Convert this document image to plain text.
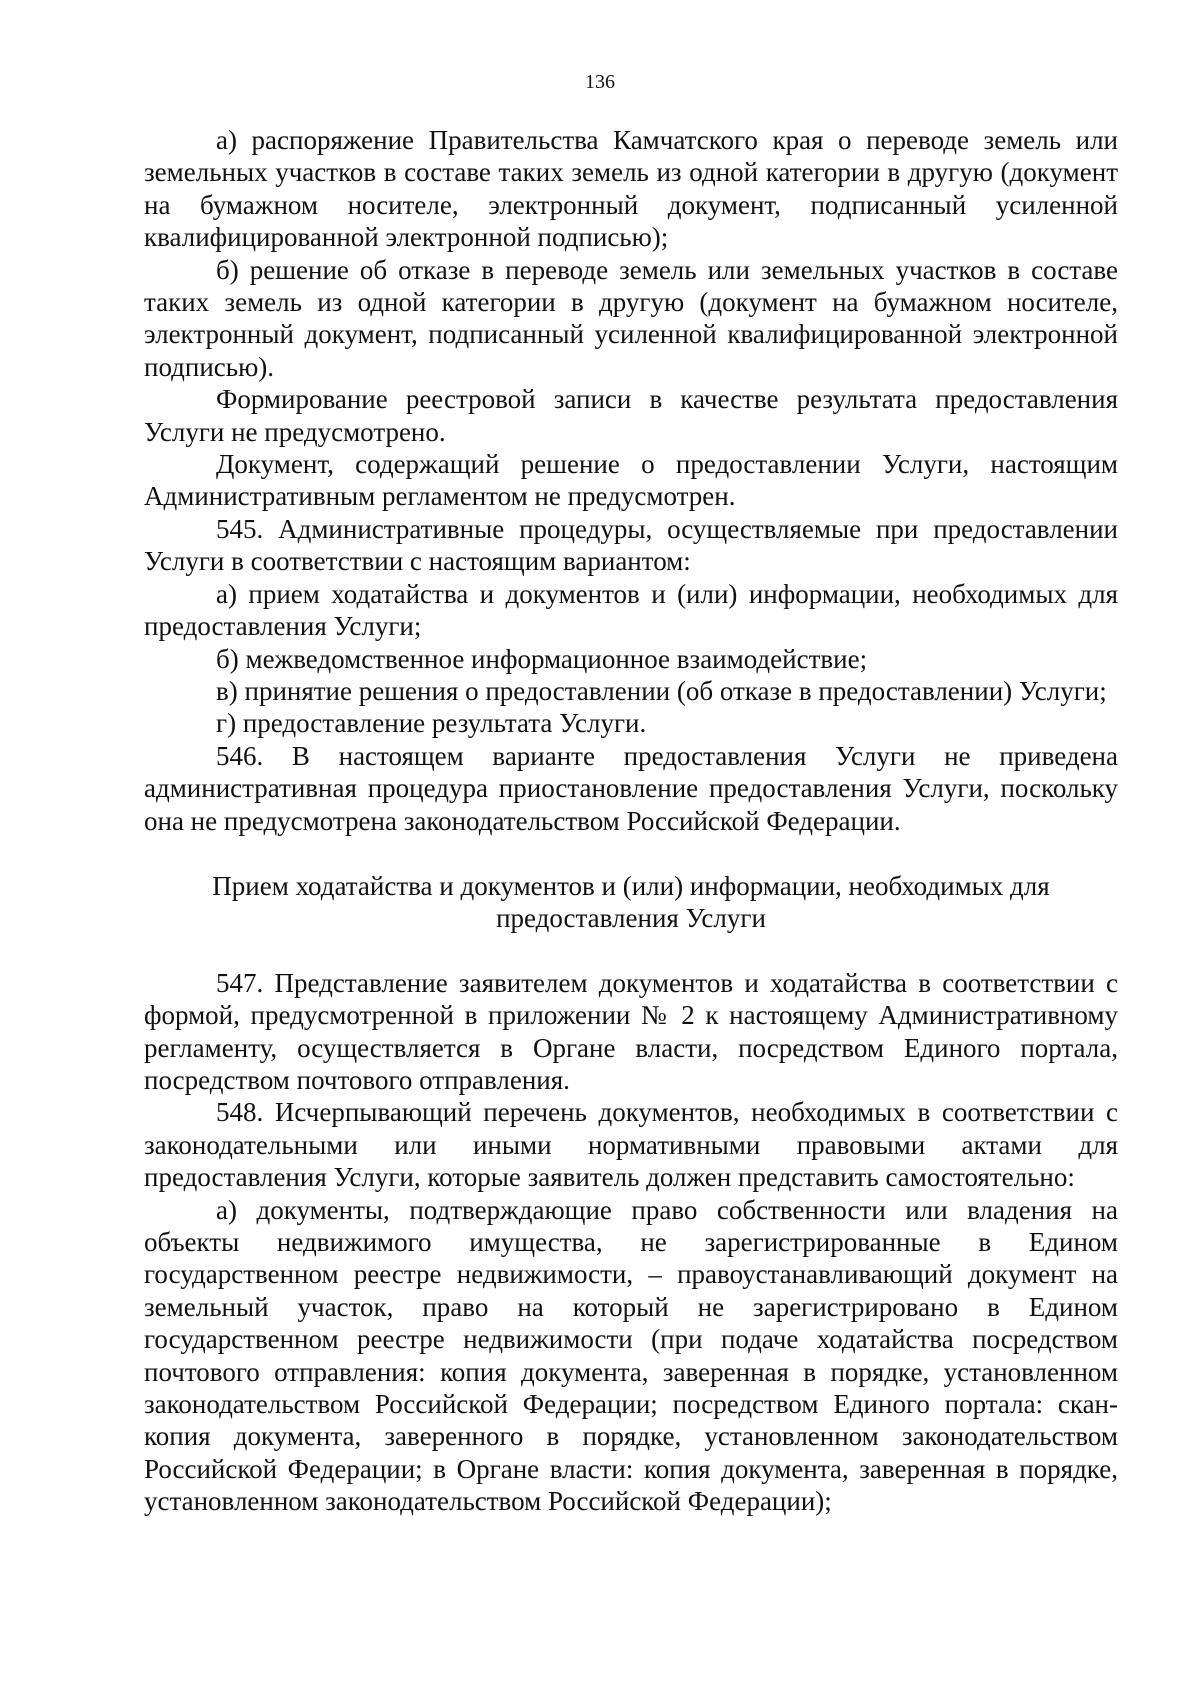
136

а) распоряжение Правительства Камчатского края о переводе земель или земельных участков в составе таких земель из одной категории в другую (документ на бумажном носителе, электронный документ, подписанный усиленной квалифицированной электронной подписью);

б) решение об отказе в переводе земель или земельных участков в составе таких земель из одной категории в другую (документ на бумажном носителе, электронный документ, подписанный усиленной квалифицированной электронной подписью).

Формирование реестровой записи в качестве результата предоставления Услуги не предусмотрено.

Документ, содержащий решение о предоставлении Услуги, настоящим Административным регламентом не предусмотрен.

545. Административные процедуры, осуществляемые при предоставлении Услуги в соответствии с настоящим вариантом:

а) прием ходатайства и документов и (или) информации, необходимых для предоставления Услуги;

б) межведомственное информационное взаимодействие;

в) принятие решения о предоставлении (об отказе в предоставлении) Услуги;

г) предоставление результата Услуги.

546. В настоящем варианте предоставления Услуги не приведена административная процедура приостановление предоставления Услуги, поскольку она не предусмотрена законодательством Российской Федерации.

Прием ходатайства и документов и (или) информации, необходимых для предоставления Услуги

547. Представление заявителем документов и ходатайства в соответствии с формой, предусмотренной в приложении № 2 к настоящему Административному регламенту, осуществляется в Органе власти, посредством Единого портала, посредством почтового отправления.

548. Исчерпывающий перечень документов, необходимых в соответствии с законодательными или иными нормативными правовыми актами для предоставления Услуги, которые заявитель должен представить самостоятельно:

а) документы, подтверждающие право собственности или владения на объекты недвижимого имущества, не зарегистрированные в Едином государственном реестре недвижимости, – правоустанавливающий документ на земельный участок, право на который не зарегистрировано в Едином государственном реестре недвижимости (при подаче ходатайства посредством почтового отправления: копия документа, заверенная в порядке, установленном законодательством Российской Федерации; посредством Единого портала: скан-копия документа, заверенного в порядке, установленном законодательством Российской Федерации; в Органе власти: копия документа, заверенная в порядке, установленном законодательством Российской Федерации);
